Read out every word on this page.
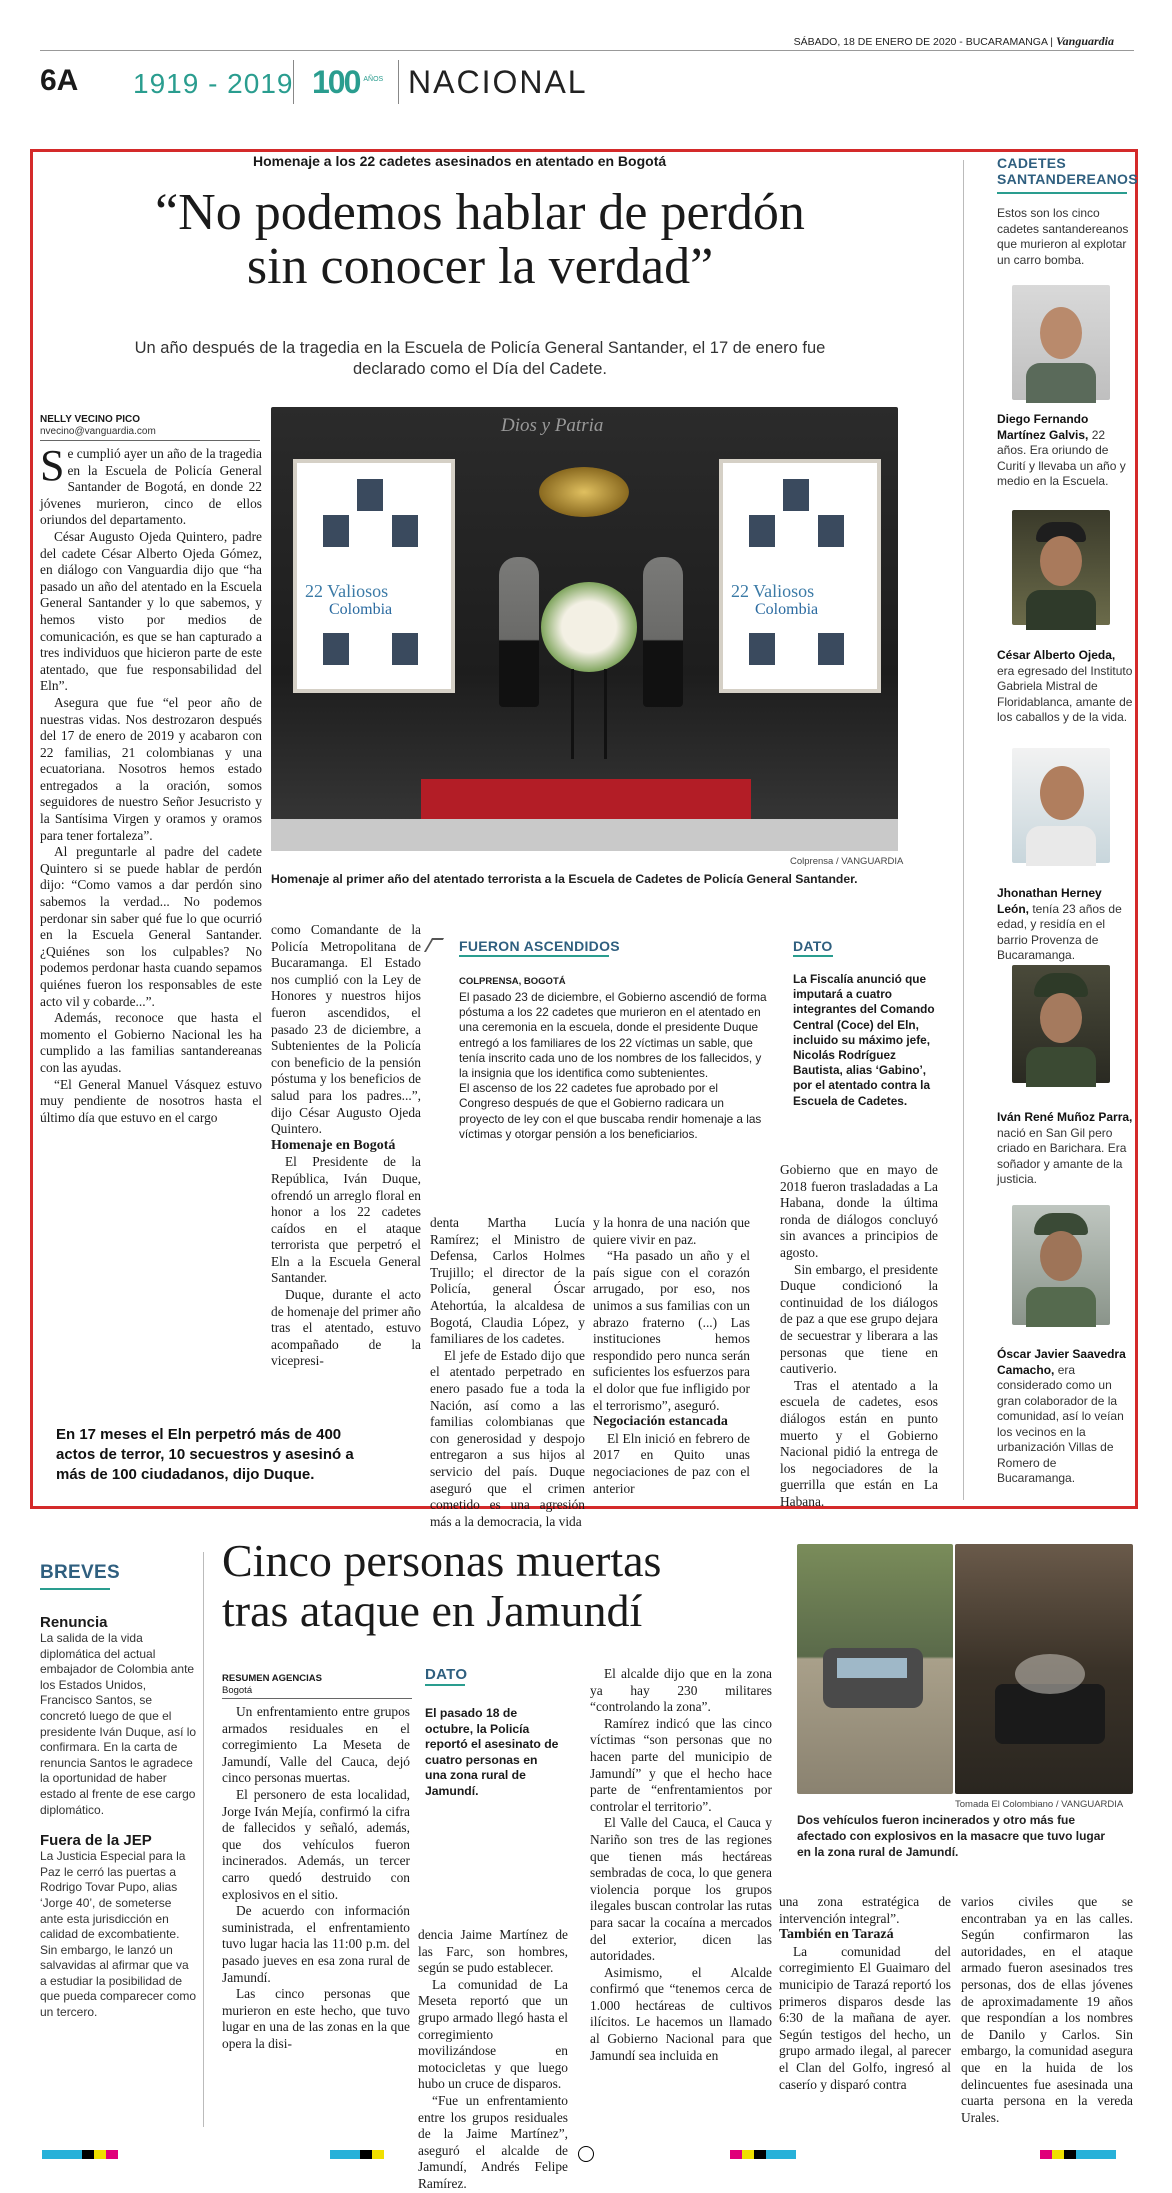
SÁBADO, 18 DE ENERO DE 2020 - BUCARAMANGA | Vanguardia
6A 1919 - 2019 100 $^{AÑOS}$ NACIONAL
Homenaje a los 22 cadetes asesinados en atentado en Bogotá
“No podemos hablar de perdón
sin conocer la verdad”
Un año después de la tragedia en la Escuela de Policía General Santander, el 17 de enero fue
declarado como el Día del Cadete.
NELLY VECINO PICO
nvecino@vanguardia.com	Dios y Patria
22 Valiosos
Colombia
22 Valiosos
Colombia
Colprensa / VANGUARDIA
Homenaje al primer año del atentado terrorista a la Escuela de Cadetes de Policía General Santander.
S e cumplió ayer un año de la tragedia en la Escuela de Policía General Santander de Bogotá, en donde 22 jóvenes murieron, cinco de ellos oriundos del departamento.

César Augusto Ojeda Quintero, padre del cadete César Alberto Ojeda Gómez, en diálogo con Vanguardia dijo que “ha pasado un año del atentado en la Escuela General Santander y lo que sabemos, y hemos visto por medios de comunicación, es que se han capturado a tres individuos que hicieron parte de este atentado, que fue responsabilidad del Eln”.

Asegura que fue “el peor año de nuestras vidas. Nos destrozaron después del 17 de enero de 2019 y acabaron con 22 familias, 21 colombianas y una ecuatoriana. Nosotros hemos estado entregados a la oración, somos seguidores de nuestro Señor Jesucristo y la Santísima Virgen y oramos y oramos para tener fortaleza”.

Al preguntarle al padre del cadete Quintero si se puede hablar de perdón dijo: “Como vamos a dar perdón sino sabemos la verdad... No podemos perdonar sin saber qué fue lo que ocurrió en la Escuela General Santander. ¿Quiénes son los culpables? No podemos perdonar hasta cuando sepamos quiénes fueron los responsables de este acto vil y cobarde...”.

Además, reconoce que hasta el momento el Gobierno Nacional les ha cumplido a las familias santandereanas con las ayudas.

“El General Manuel Vásquez estuvo muy pendiente de nosotros hasta el último día que estuvo en el cargo

como Comandante de la Policía Metropolitana de Bucaramanga. El Estado nos cumplió con la Ley de Honores y nuestros hijos fueron ascendidos, el pasado 23 de diciembre, a Subtenientes de la Policía con beneficio de la pensión póstuma y los beneficios de salud para los padres...”, dijo César Augusto Ojeda Quintero.

Homenaje en Bogotá

El Presidente de la República, Iván Duque, ofrendó un arreglo floral en honor a los 22 cadetes caídos en el ataque terrorista que perpetró el Eln a la Escuela General Santander.

Duque, durante el acto de homenaje del primer año tras el atentado, estuvo acompañado de la vicepresi-

FUERON ASCENDIDOS
COLPRENSA, BOGOTÁ
El pasado 23 de diciembre, el Gobierno ascendió de forma póstuma a los 22 cadetes que murieron en el atentado en una ceremonia en la escuela, donde el presidente Duque entregó a los familiares de los 22 víctimas un sable, que tenía inscrito cada uno de los nombres de los fallecidos, y la insignia que los identifica como subtenientes.
El ascenso de los 22 cadetes fue aprobado por el Congreso después de que el Gobierno radicara un proyecto de ley con el que buscaba rendir homenaje a las víctimas y otorgar pensión a los beneficiarios.
DATO
La Fiscalía anunció que imputará a cuatro integrantes del Comando Central (Coce) del Eln, incluido su máximo jefe, Nicolás Rodríguez Bautista, alias ‘Gabino’, por el atentado contra la Escuela de Cadetes.

denta Martha Lucía Ramírez; el Ministro de Defensa, Carlos Holmes Trujillo; el director de la Policía, general Óscar Atehortúa, la alcaldesa de Bogotá, Claudia López, y familiares de los cadetes.

El jefe de Estado dijo que el atentado perpetrado en enero pasado fue a toda la Nación, así como a las familias colombianas que con generosidad y despojo entregaron a sus hijos al servicio del país. Duque aseguró que el crimen cometido es una agresión más a la democracia, la vida

y la honra de una nación que quiere vivir en paz.

“Ha pasado un año y el país sigue con el corazón arrugado, por eso, nos unimos a sus familias con un abrazo fraterno (...) Las instituciones hemos respondido pero nunca serán suficientes los esfuerzos para el dolor que fue infligido por el terrorismo”, aseguró.

Negociación estancada

El Eln inició en febrero de 2017 en Quito unas negociaciones de paz con el anterior

Gobierno que en mayo de 2018 fueron trasladadas a La Habana, donde la última ronda de diálogos concluyó sin avances a principios de agosto.

Sin embargo, el presidente Duque condicionó la continuidad de los diálogos de paz a que ese grupo dejara de secuestrar y liberara a las personas que tiene en cautiverio.

Tras el atentado a la escuela de cadetes, esos diálogos están en punto muerto y el Gobierno Nacional pidió la entrega de los negociadores de la guerrilla que están en La Habana.

En 17 meses el Eln perpetró más de 400 actos de terror, 10 secuestros y asesinó a más de 100 ciudadanos, dijo Duque.
CADETES
SANTANDEREANOS
Estos son los cinco cadetes santandereanos que murieron al explotar un carro bomba.
Diego Fernando Martínez Galvis, 22 años. Era oriundo de Curití y llevaba un año y medio en la Escuela.
César Alberto Ojeda, era egresado del Instituto Gabriela Mistral de Floridablanca, amante de los caballos y de la vida.
Jhonathan Herney León, tenía 23 años de edad, y residía en el barrio Provenza de Bucaramanga.
Iván René Muñoz Parra, nació en San Gil pero criado en Barichara. Era soñador y amante de la justicia.
Óscar Javier Saavedra Camacho, era considerado como un gran colaborador de la comunidad, así lo veían los vecinos en la urbanización Villas de Romero de Bucaramanga.
BREVES
Renuncia
La salida de la vida diplomática del actual embajador de Colombia ante los Estados Unidos, Francisco Santos, se concretó luego de que el presidente Iván Duque, así lo confirmara. En la carta de renuncia Santos le agradece la oportunidad de haber estado al frente de ese cargo diplomático.
Fuera de la JEP
La Justicia Especial para la Paz le cerró las puertas a Rodrigo Tovar Pupo, alias ‘Jorge 40’, de someterse ante esta jurisdicción en calidad de excombatiente. Sin embargo, le lanzó un salvavidas al afirmar que va a estudiar la posibilidad de que pueda comparecer como un tercero.
Cinco personas muertas
tras ataque en Jamundí
RESUMEN AGENCIAS
Bogotá

Un enfrentamiento entre grupos armados residuales en el corregimiento La Meseta de Jamundí, Valle del Cauca, dejó cinco personas muertas.

El personero de esta localidad, Jorge Iván Mejía, confirmó la cifra de fallecidos y señaló, además, que dos vehículos fueron incinerados. Además, un tercer carro quedó destruido con explosivos en el sitio.

De acuerdo con información suministrada, el enfrentamiento tuvo lugar hacia las 11:00 p.m. del pasado jueves en esa zona rural de Jamundí.

Las cinco personas que murieron en este hecho, que tuvo lugar en una de las zonas en la que opera la disi-

DATO
El pasado 18 de octubre, la Policía reportó el asesinato de cuatro personas en una zona rural de Jamundí.

dencia Jaime Martínez de las Farc, son hombres, según se pudo establecer.

La comunidad de La Meseta reportó que un grupo armado llegó hasta el corregimiento movilizándose en motocicletas y que luego hubo un cruce de disparos.

“Fue un enfrentamiento entre los grupos residuales de la Jaime Martínez”, aseguró el alcalde de Jamundí, Andrés Felipe Ramírez.

El alcalde dijo que en la zona ya hay 230 militares “controlando la zona”.

Ramírez indicó que las cinco víctimas “son personas que no hacen parte del municipio de Jamundí” y que el hecho hace parte de “enfrentamientos por controlar el territorio”.

El Valle del Cauca, el Cauca y Nariño son tres de las regiones que tienen más hectáreas sembradas de coca, lo que genera violencia porque los grupos ilegales buscan controlar las rutas para sacar la cocaína a mercados del exterior, dicen las autoridades.

Asimismo, el Alcalde confirmó que “tenemos cerca de 1.000 hectáreas de cultivos ilícitos. Le hacemos un llamado al Gobierno Nacional para que Jamundí sea incluida en

Tomada El Colombiano / VANGUARDIA
Dos vehículos fueron incinerados y otro más fue afectado con explosivos en la masacre que tuvo lugar en la zona rural de Jamundí.

una zona estratégica de intervención integral”.

También en Tarazá

La comunidad del corregimiento El Guaimaro del municipio de Tarazá reportó los primeros disparos desde las 6:30 de la mañana de ayer. Según testigos del hecho, un grupo armado ilegal, al parecer el Clan del Golfo, ingresó al caserío y disparó contra

varios civiles que se encontraban ya en las calles. Según confirmaron las autoridades, en el ataque armado fueron asesinados tres personas, dos de ellas jóvenes de aproximadamente 19 años que respondían a los nombres de Danilo y Carlos. Sin embargo, la comunidad asegura que en la huida de los delincuentes fue asesinada una cuarta persona en la vereda Urales.
